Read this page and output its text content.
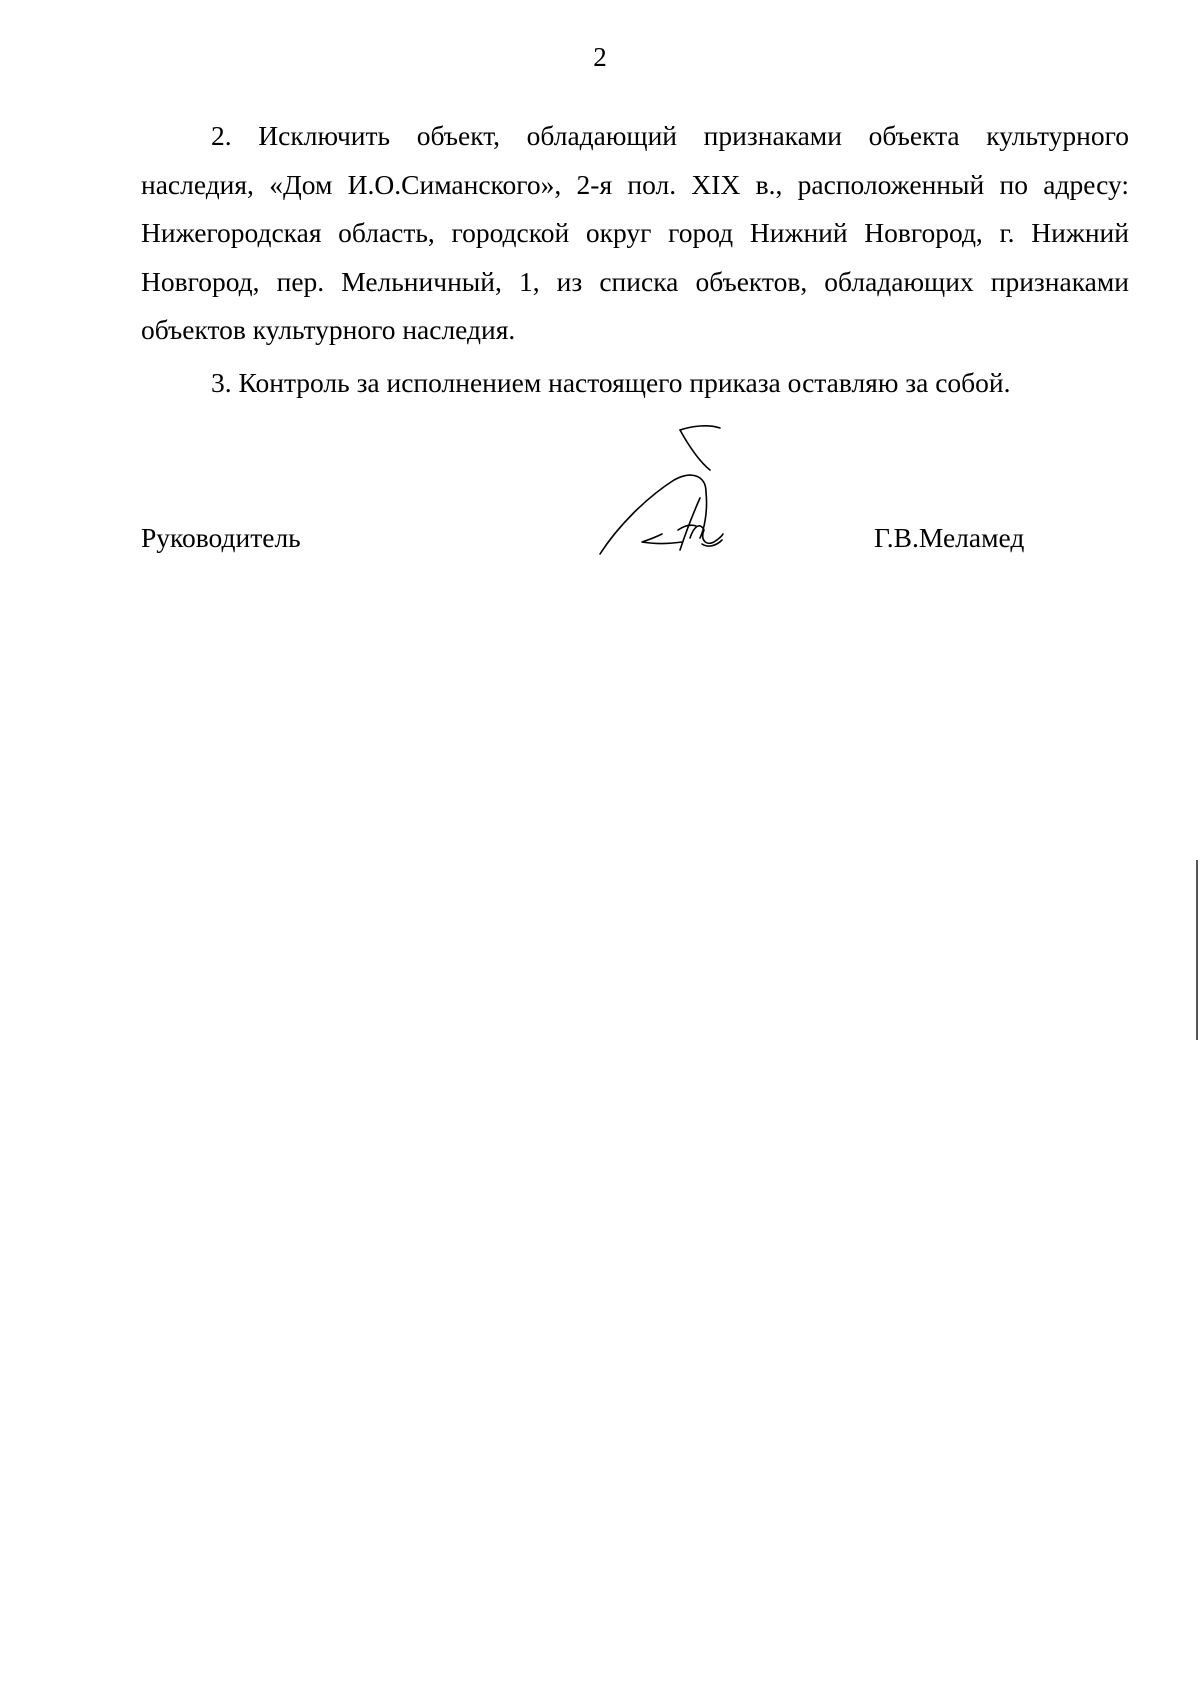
2

2. Исключить объект, обладающий признаками объекта культурного наследия, «Дом И.О.Симанского», 2-я пол. XIX в., расположенный по адресу: Нижегородская область, городской округ город Нижний Новгород, г. Нижний Новгород, пер. Мельничный, 1, из списка объектов, обладающих признаками объектов культурного наследия.

3. Контроль за исполнением настоящего приказа оставляю за собой.

Руководитель	Г.В.Меламед
